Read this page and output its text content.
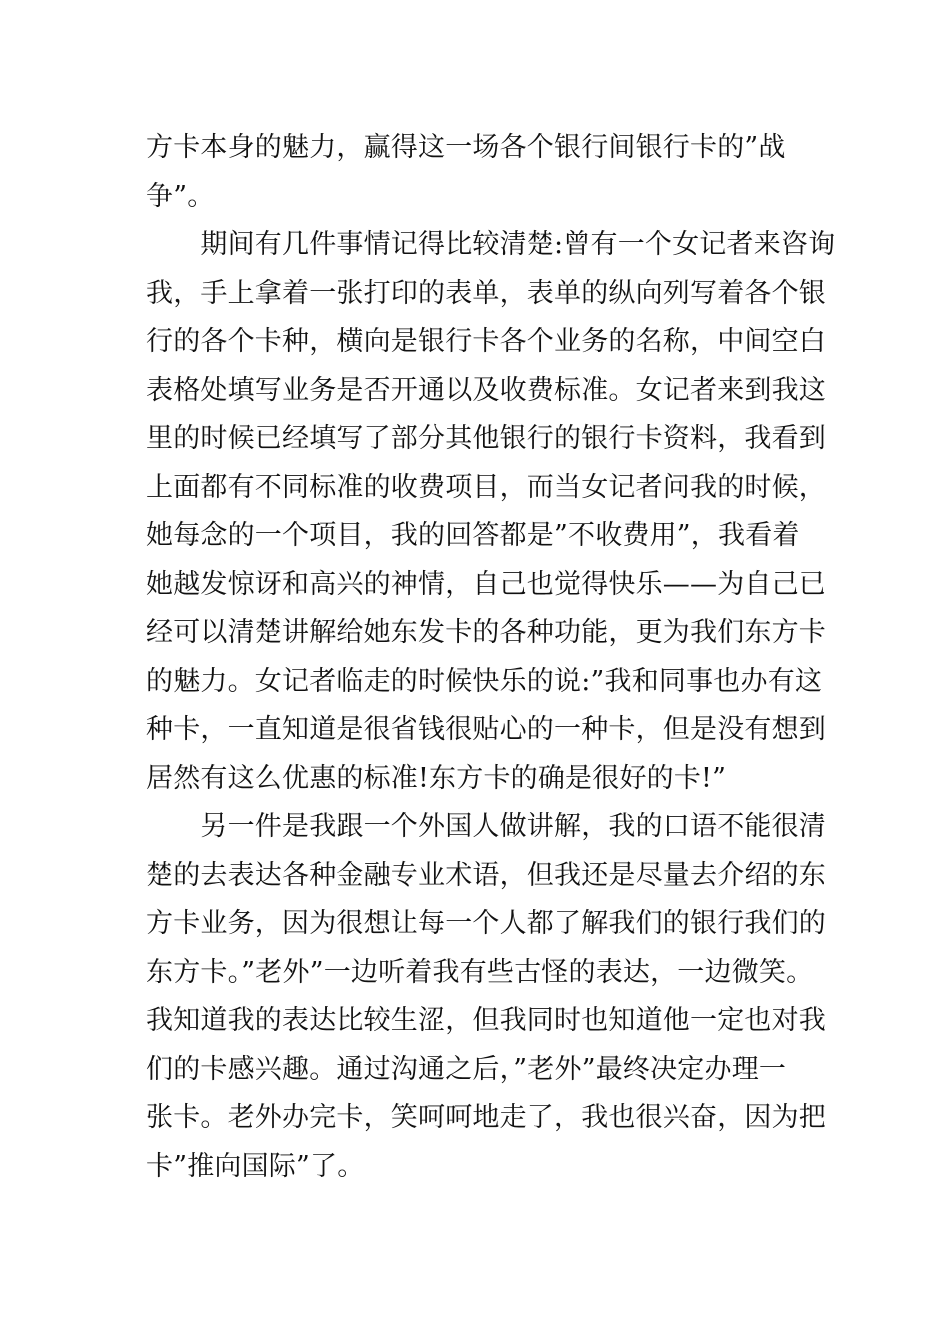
方卡本身的魅力，赢得这一场各个银行间银行卡的”战
争”。
　　期间有几件事情记得比较清楚:曾有一个女记者来咨询
我，手上拿着一张打印的表单，表单的纵向列写着各个银
行的各个卡种，横向是银行卡各个业务的名称，中间空白
表格处填写业务是否开通以及收费标准。女记者来到我这
里的时候已经填写了部分其他银行的银行卡资料，我看到
上面都有不同标准的收费项目，而当女记者问我的时候，
她每念的一个项目，我的回答都是”不收费用”，我看着
她越发惊讶和高兴的神情，自己也觉得快乐——为自己已
经可以清楚讲解给她东发卡的各种功能，更为我们东方卡
的魅力。女记者临走的时候快乐的说:”我和同事也办有这
种卡，一直知道是很省钱很贴心的一种卡，但是没有想到
居然有这么优惠的标准!东方卡的确是很好的卡!”
　　另一件是我跟一个外国人做讲解，我的口语不能很清
楚的去表达各种金融专业术语，但我还是尽量去介绍的东
方卡业务，因为很想让每一个人都了解我们的银行我们的
东方卡。”老外”一边听着我有些古怪的表达，一边微笑。
我知道我的表达比较生涩，但我同时也知道他一定也对我
们的卡感兴趣。通过沟通之后，”老外”最终决定办理一
张卡。老外办完卡，笑呵呵地走了，我也很兴奋，因为把
卡”推向国际”了。
